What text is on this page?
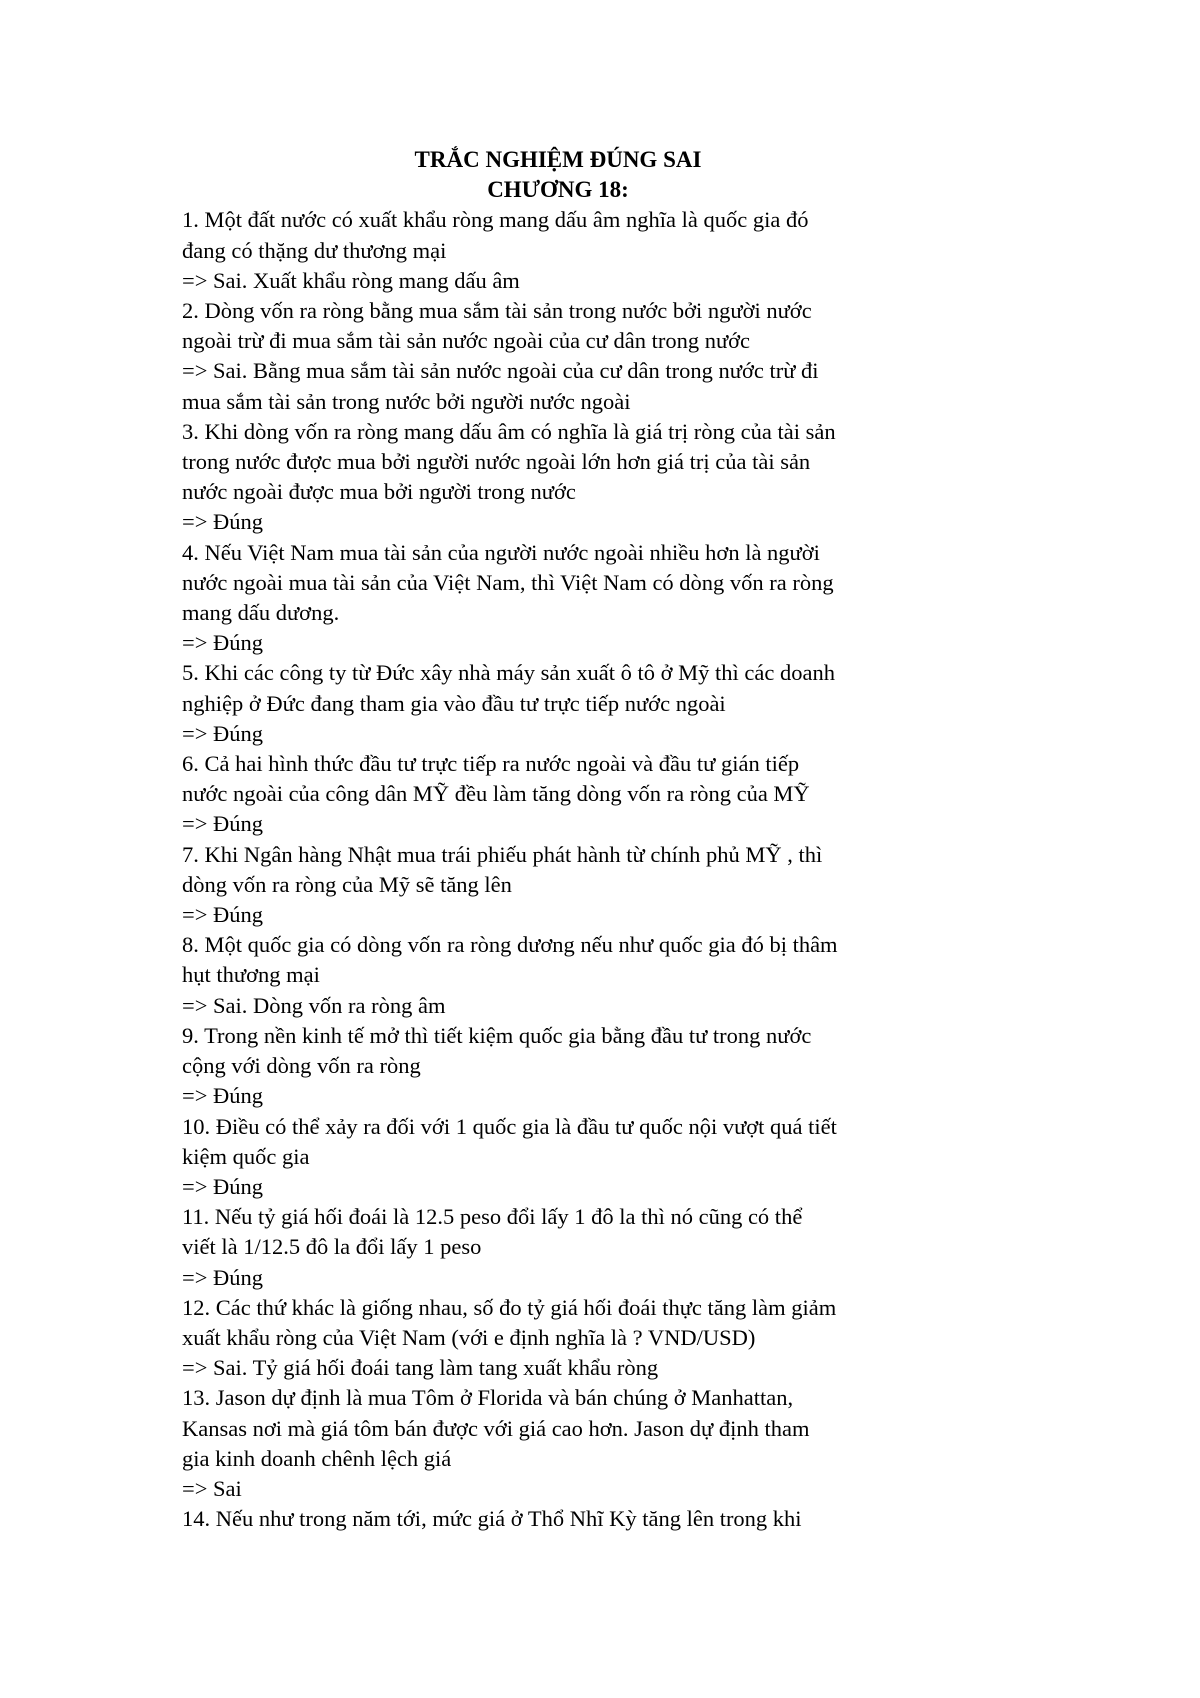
TRẮC NGHIỆM ĐÚNG SAI
CHƯƠNG 18:
1. Một đất nước có xuất khẩu ròng mang dấu âm nghĩa là quốc gia đó
đang có thặng dư thương mại
=> Sai. Xuất khẩu ròng mang dấu âm
2. Dòng vốn ra ròng bằng mua sắm tài sản trong nước bởi người nước
ngoài trừ đi mua sắm tài sản nước ngoài của cư dân trong nước
=> Sai. Bằng mua sắm tài sản nước ngoài của cư dân trong nước trừ đi
mua sắm tài sản trong nước bởi người nước ngoài
3. Khi dòng vốn ra ròng mang dấu âm có nghĩa là giá trị ròng của tài sản
trong nước được mua bởi người nước ngoài lớn hơn giá trị của tài sản
nước ngoài được mua bởi người trong nước
=> Đúng
4. Nếu Việt Nam mua tài sản của người nước ngoài nhiều hơn là người
nước ngoài mua tài sản của Việt Nam, thì Việt Nam có dòng vốn ra ròng
mang dấu dương.
=> Đúng
5. Khi các công ty từ Đức xây nhà máy sản xuất ô tô ở Mỹ thì các doanh
nghiệp ở Đức đang tham gia vào đầu tư trực tiếp nước ngoài
=> Đúng
6. Cả hai hình thức đầu tư trực tiếp ra nước ngoài và đầu tư gián tiếp
nước ngoài của công dân MỸ đều làm tăng dòng vốn ra ròng của MỸ
=> Đúng
7. Khi Ngân hàng Nhật mua trái phiếu phát hành từ chính phủ MỸ , thì
dòng vốn ra ròng của Mỹ sẽ tăng lên
=> Đúng
8. Một quốc gia có dòng vốn ra ròng dương nếu như quốc gia đó bị thâm
hụt thương mại
=> Sai. Dòng vốn ra ròng âm
9. Trong nền kinh tế mở thì tiết kiệm quốc gia bằng đầu tư trong nước
cộng với dòng vốn ra ròng
=> Đúng
10. Điều có thể xảy ra đối với 1 quốc gia là đầu tư quốc nội vượt quá tiết
kiệm quốc gia
=> Đúng
11. Nếu tỷ giá hối đoái là 12.5 peso đổi lấy 1 đô la thì nó cũng có thể
viết là 1/12.5 đô la đổi lấy 1 peso
=> Đúng
12. Các thứ khác là giống nhau, số đo tỷ giá hối đoái thực tăng làm giảm
xuất khẩu ròng của Việt Nam (với e định nghĩa là ? VND/USD)
=> Sai. Tỷ giá hối đoái tang làm tang xuất khẩu ròng
13. Jason dự định là mua Tôm ở Florida và bán chúng ở Manhattan,
Kansas nơi mà giá tôm bán được với giá cao hơn. Jason dự định tham
gia kinh doanh chênh lệch giá
=> Sai
14. Nếu như trong năm tới, mức giá ở Thổ Nhĩ Kỳ tăng lên trong khi
